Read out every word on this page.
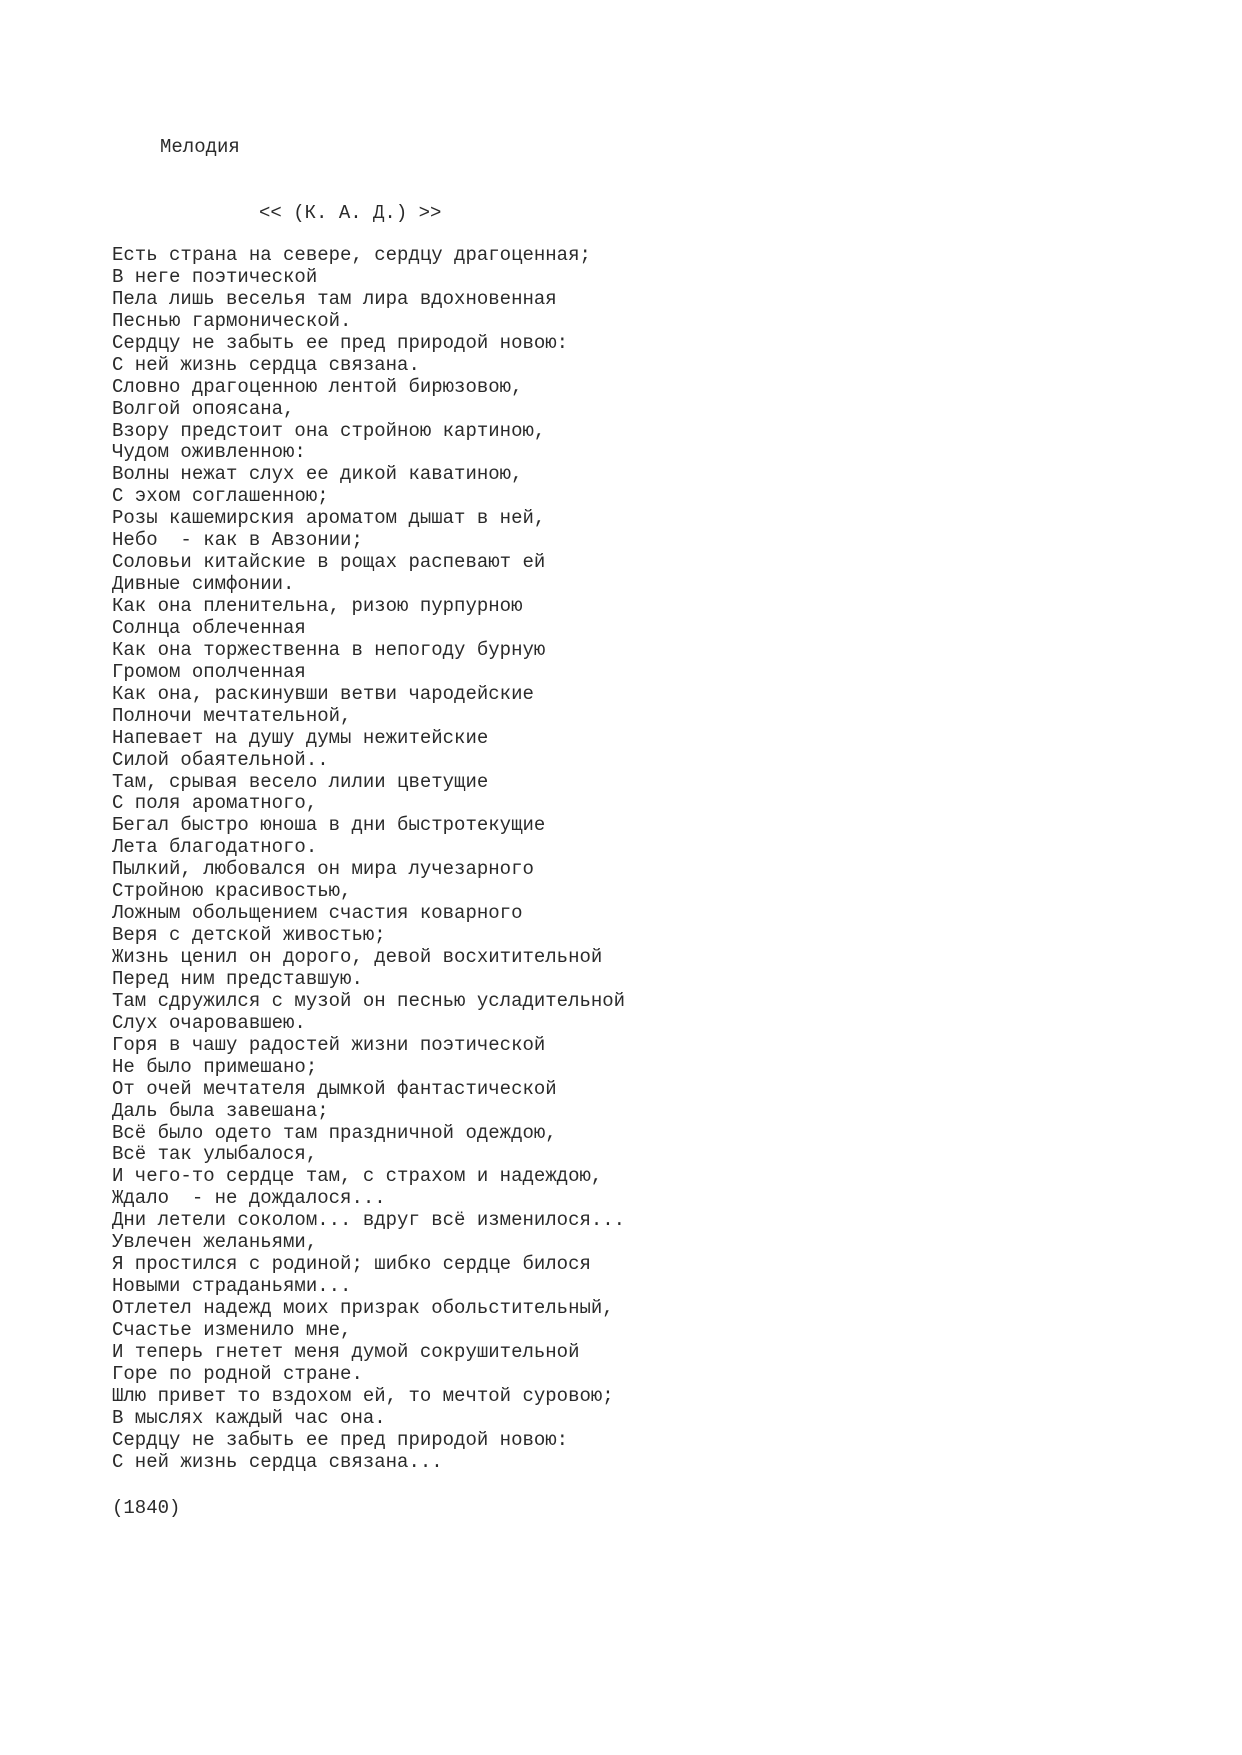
Мелодия
<< (К. А. Д.) >>
Есть страна на севере, сердцу драгоценная;
В неге поэтической
Пела лишь веселья там лира вдохновенная
Песнью гармонической.
Сердцу не забыть ее пред природой новою:
С ней жизнь сердца связана.
Словно драгоценною лентой бирюзовою,
Волгой опоясана,
Взору предстоит она стройною картиною,
Чудом оживленною:
Волны нежат слух ее дикой каватиною,
С эхом соглашенною;
Розы кашемирския ароматом дышат в ней,
Небо  - как в Авзонии;
Соловьи китайские в рощах распевают ей
Дивные симфонии.
Как она пленительна, ризою пурпурною
Солнца облеченная
Как она торжественна в непогоду бурную
Громом ополченная
Как она, раскинувши ветви чародейские
Полночи мечтательной,
Напевает на душу думы нежитейские
Силой обаятельной..
Там, срывая весело лилии цветущие
С поля ароматного,
Бегал быстро юноша в дни быстротекущие
Лета благодатного.
Пылкий, любовался он мира лучезарного
Стройною красивостью,
Ложным обольщением счастия коварного
Веря с детской живостью;
Жизнь ценил он дорого, девой восхитительной
Перед ним представшую.
Там сдружился с музой он песнью усладительной
Слух очаровавшею.
Горя в чашу радостей жизни поэтической
Не было примешано;
От очей мечтателя дымкой фантастической
Даль была завешана;
Всё было одето там праздничной одеждою,
Всё так улыбалося,
И чего-то сердце там, с страхом и надеждою,
Ждало  - не дождалося...
Дни летели соколом... вдруг всё изменилося...
Увлечен желаньями,
Я простился с родиной; шибко сердце билося
Новыми страданьями...
Отлетел надежд моих призрак обольстительный,
Счастье изменило мне,
И теперь гнетет меня думой сокрушительной
Горе по родной стране.
Шлю привет то вздохом ей, то мечтой суровою;
В мыслях каждый час она.
Сердцу не забыть ее пред природой новою:
С ней жизнь сердца связана...
(1840)
